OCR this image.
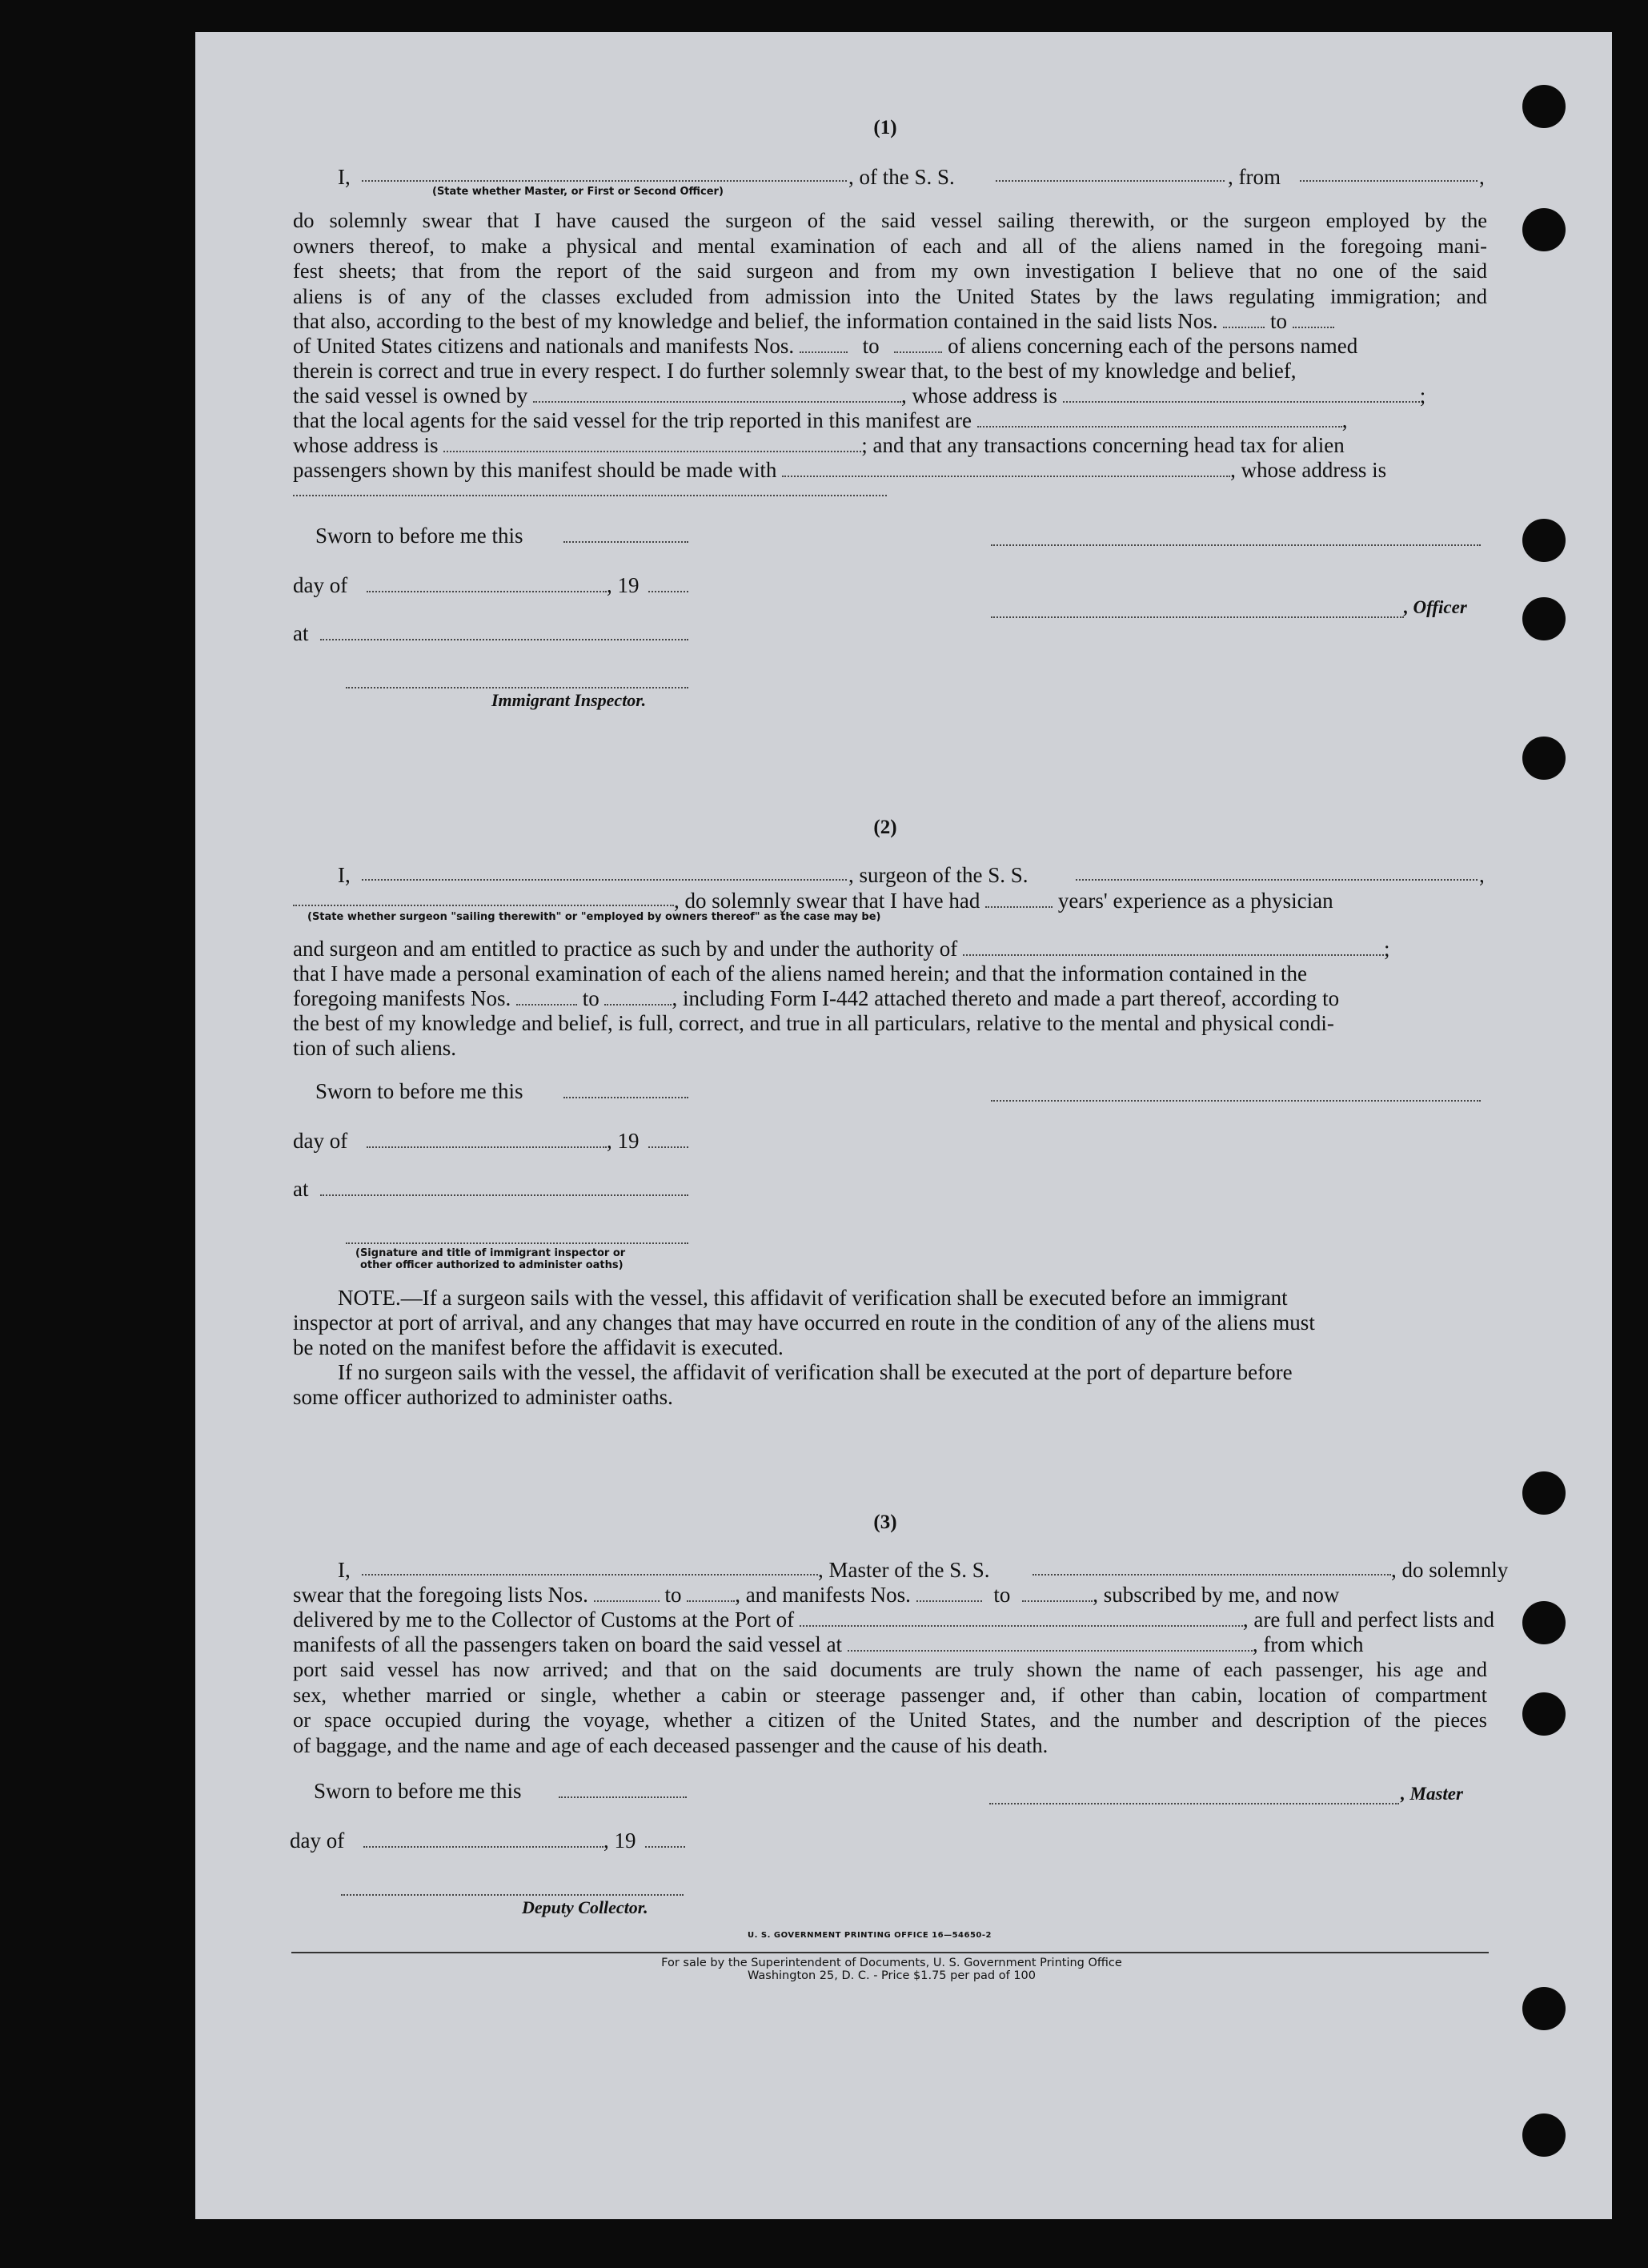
(1)
I,	, of the S. S.	, from	,
(State whether Master, or First or Second Officer)
do solemnly swear that I have caused the surgeon of the said vessel sailing therewith, or the surgeon employed by the
owners thereof, to make a physical and mental examination of each and all of the aliens named in the foregoing mani-
fest sheets; that from the report of the said surgeon and from my own investigation I believe that no one of the said
aliens is of any of the classes excluded from admission into the United States by the laws regulating immigration; and
that also, according to the best of my knowledge and belief, the information contained in the said lists Nos. to
of United States citizens and nationals and manifests Nos.	to	of aliens concerning each of the persons named
therein is correct and true in every respect. I do further solemnly swear that, to the best of my knowledge and belief,
the said vessel is owned by	, whose address is	;
that the local agents for the said vessel for the trip reported in this manifest are	,
whose address is	; and that any transactions concerning head tax for alien
passengers shown by this manifest should be made with	, whose address is
Sworn to before me this
day of	, 19
at
Immigrant Inspector.
, Officer
(2)
I,	, surgeon of the S. S.	,
, do solemnly swear that I have had	years' experience as a physician
(State whether surgeon "sailing therewith" or "employed by owners thereof" as the case may be)
and surgeon and am entitled to practice as such by and under the authority of	;
that I have made a personal examination of each of the aliens named herein; and that the information contained in the
foregoing manifests Nos.	to	, including Form I-442 attached thereto and made a part thereof, according to
the best of my knowledge and belief, is full, correct, and true in all particulars, relative to the mental and physical condi-
tion of such aliens.
Sworn to before me this
day of	, 19
at
(Signature and title of immigrant inspector or
other officer authorized to administer oaths)
NOTE.—If a surgeon sails with the vessel, this affidavit of verification shall be executed before an immigrant
inspector at port of arrival, and any changes that may have occurred en route in the condition of any of the aliens must
be noted on the manifest before the affidavit is executed.
If no surgeon sails with the vessel, the affidavit of verification shall be executed at the port of departure before
some officer authorized to administer oaths.
(3)
I,	, Master of the S. S.	, do solemnly
swear that the foregoing lists Nos.	to , and manifests Nos.	to	, subscribed by me, and now
delivered by me to the Collector of Customs at the Port of	, are full and perfect lists and
manifests of all the passengers taken on board the said vessel at	, from which
port said vessel has now arrived; and that on the said documents are truly shown the name of each passenger, his age and
sex, whether married or single, whether a cabin or steerage passenger and, if other than cabin, location of compartment
or space occupied during the voyage, whether a citizen of the United States, and the number and description of the pieces
of baggage, and the name and age of each deceased passenger and the cause of his death.
Sworn to before me this
day of	, 19
Deputy Collector.
, Master
U. S. GOVERNMENT PRINTING OFFICE 16—54650-2
For sale by the Superintendent of Documents, U. S. Government Printing Office
Washington 25, D. C. - Price $1.75 per pad of 100
